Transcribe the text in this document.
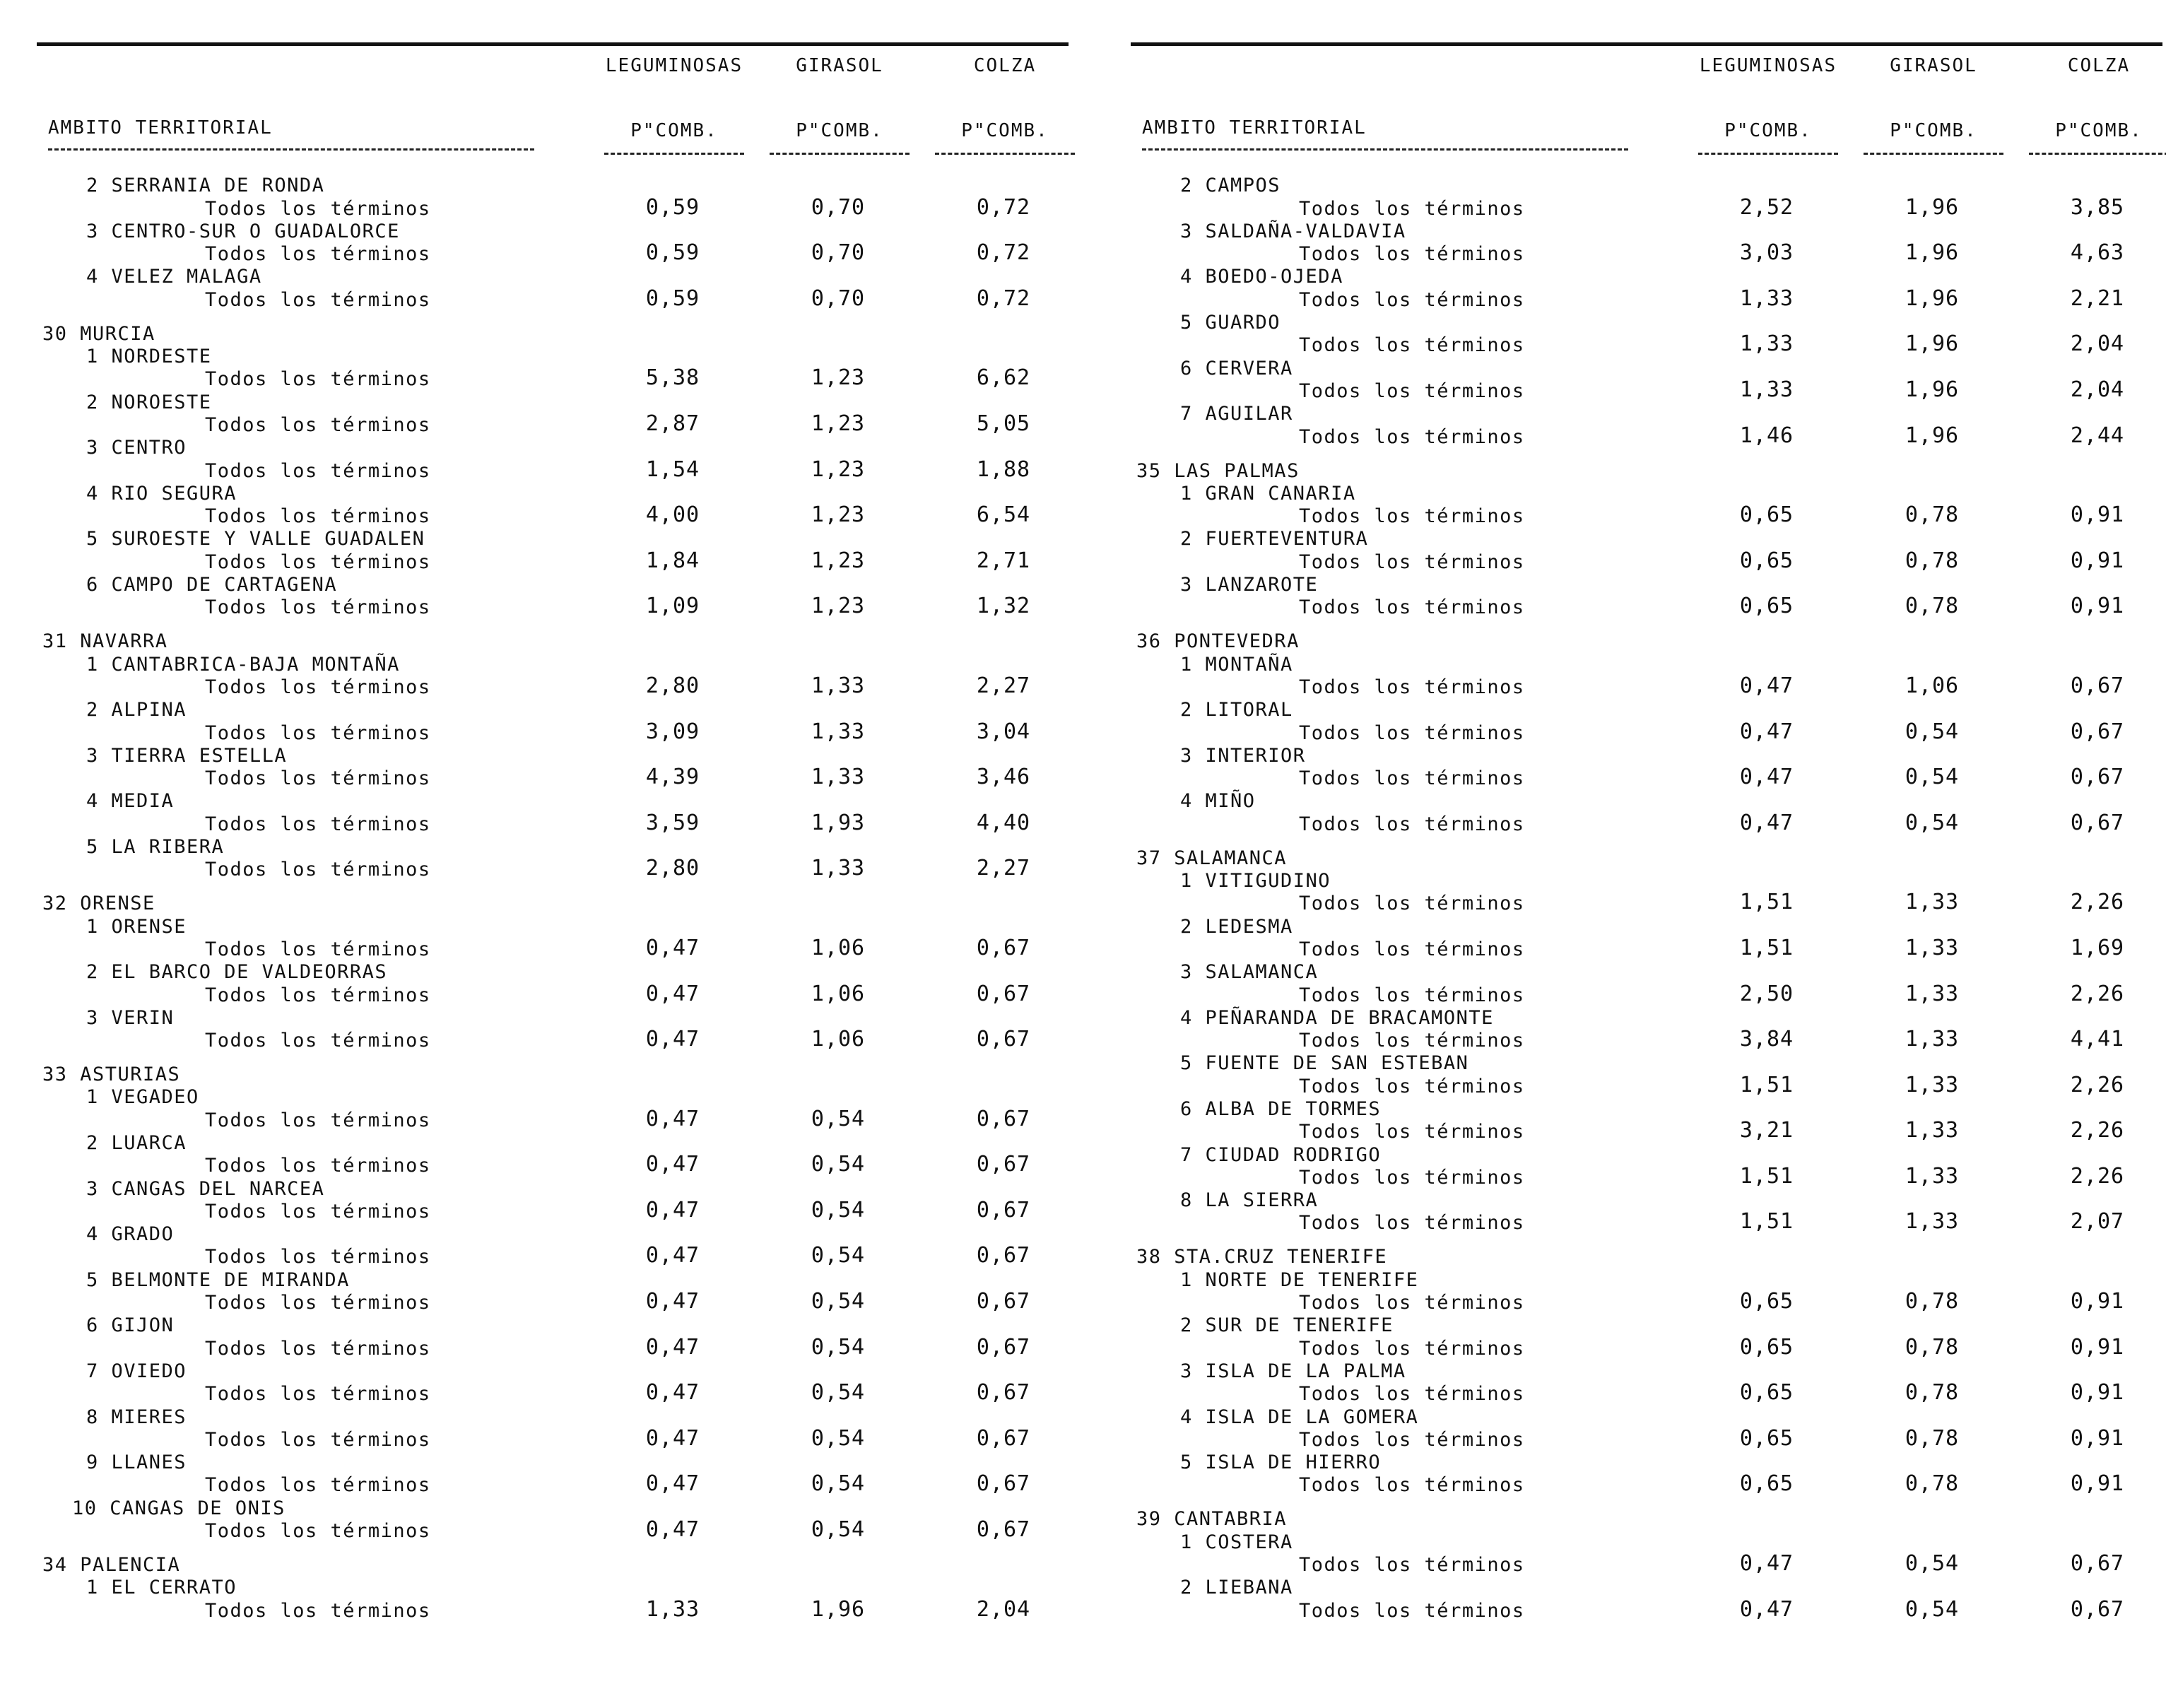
LEGUMINOSAS	GIRASOL	COLZA
AMBITO TERRITORIAL	P"COMB.	P"COMB.	P"COMB.
2 SERRANIA DE RONDA
Todos los términos	0,59	0,70	0,72
3 CENTRO-SUR O GUADALORCE
Todos los términos	0,59	0,70	0,72
4 VELEZ MALAGA
Todos los términos	0,59	0,70	0,72
30 MURCIA
1 NORDESTE
Todos los términos	5,38	1,23	6,62
2 NOROESTE
Todos los términos	2,87	1,23	5,05
3 CENTRO
Todos los términos	1,54	1,23	1,88
4 RIO SEGURA
Todos los términos	4,00	1,23	6,54
5 SUROESTE Y VALLE GUADALEN
Todos los términos	1,84	1,23	2,71
6 CAMPO DE CARTAGENA
Todos los términos	1,09	1,23	1,32
31 NAVARRA
1 CANTABRICA-BAJA MONTAÑA
Todos los términos	2,80	1,33	2,27
2 ALPINA
Todos los términos	3,09	1,33	3,04
3 TIERRA ESTELLA
Todos los términos	4,39	1,33	3,46
4 MEDIA
Todos los términos	3,59	1,93	4,40
5 LA RIBERA
Todos los términos	2,80	1,33	2,27
32 ORENSE
1 ORENSE
Todos los términos	0,47	1,06	0,67
2 EL BARCO DE VALDEORRAS
Todos los términos	0,47	1,06	0,67
3 VERIN
Todos los términos	0,47	1,06	0,67
33 ASTURIAS
1 VEGADEO
Todos los términos	0,47	0,54	0,67
2 LUARCA
Todos los términos	0,47	0,54	0,67
3 CANGAS DEL NARCEA
Todos los términos	0,47	0,54	0,67
4 GRADO
Todos los términos	0,47	0,54	0,67
5 BELMONTE DE MIRANDA
Todos los términos	0,47	0,54	0,67
6 GIJON
Todos los términos	0,47	0,54	0,67
7 OVIEDO
Todos los términos	0,47	0,54	0,67
8 MIERES
Todos los términos	0,47	0,54	0,67
9 LLANES
Todos los términos	0,47	0,54	0,67
10 CANGAS DE ONIS
Todos los términos	0,47	0,54	0,67
34 PALENCIA
1 EL CERRATO
Todos los términos	1,33	1,96	2,04
LEGUMINOSAS	GIRASOL	COLZA
AMBITO TERRITORIAL	P"COMB.	P"COMB.	P"COMB.
2 CAMPOS
Todos los términos	2,52	1,96	3,85
3 SALDAÑA-VALDAVIA
Todos los términos	3,03	1,96	4,63
4 BOEDO-OJEDA
Todos los términos	1,33	1,96	2,21
5 GUARDO
Todos los términos	1,33	1,96	2,04
6 CERVERA
Todos los términos	1,33	1,96	2,04
7 AGUILAR
Todos los términos	1,46	1,96	2,44
35 LAS PALMAS
1 GRAN CANARIA
Todos los términos	0,65	0,78	0,91
2 FUERTEVENTURA
Todos los términos	0,65	0,78	0,91
3 LANZAROTE
Todos los términos	0,65	0,78	0,91
36 PONTEVEDRA
1 MONTAÑA
Todos los términos	0,47	1,06	0,67
2 LITORAL
Todos los términos	0,47	0,54	0,67
3 INTERIOR
Todos los términos	0,47	0,54	0,67
4 MIÑO
Todos los términos	0,47	0,54	0,67
37 SALAMANCA
1 VITIGUDINO
Todos los términos	1,51	1,33	2,26
2 LEDESMA
Todos los términos	1,51	1,33	1,69
3 SALAMANCA
Todos los términos	2,50	1,33	2,26
4 PEÑARANDA DE BRACAMONTE
Todos los términos	3,84	1,33	4,41
5 FUENTE DE SAN ESTEBAN
Todos los términos	1,51	1,33	2,26
6 ALBA DE TORMES
Todos los términos	3,21	1,33	2,26
7 CIUDAD RODRIGO
Todos los términos	1,51	1,33	2,26
8 LA SIERRA
Todos los términos	1,51	1,33	2,07
38 STA.CRUZ TENERIFE
1 NORTE DE TENERIFE
Todos los términos	0,65	0,78	0,91
2 SUR DE TENERIFE
Todos los términos	0,65	0,78	0,91
3 ISLA DE LA PALMA
Todos los términos	0,65	0,78	0,91
4 ISLA DE LA GOMERA
Todos los términos	0,65	0,78	0,91
5 ISLA DE HIERRO
Todos los términos	0,65	0,78	0,91
39 CANTABRIA
1 COSTERA
Todos los términos	0,47	0,54	0,67
2 LIEBANA
Todos los términos	0,47	0,54	0,67
